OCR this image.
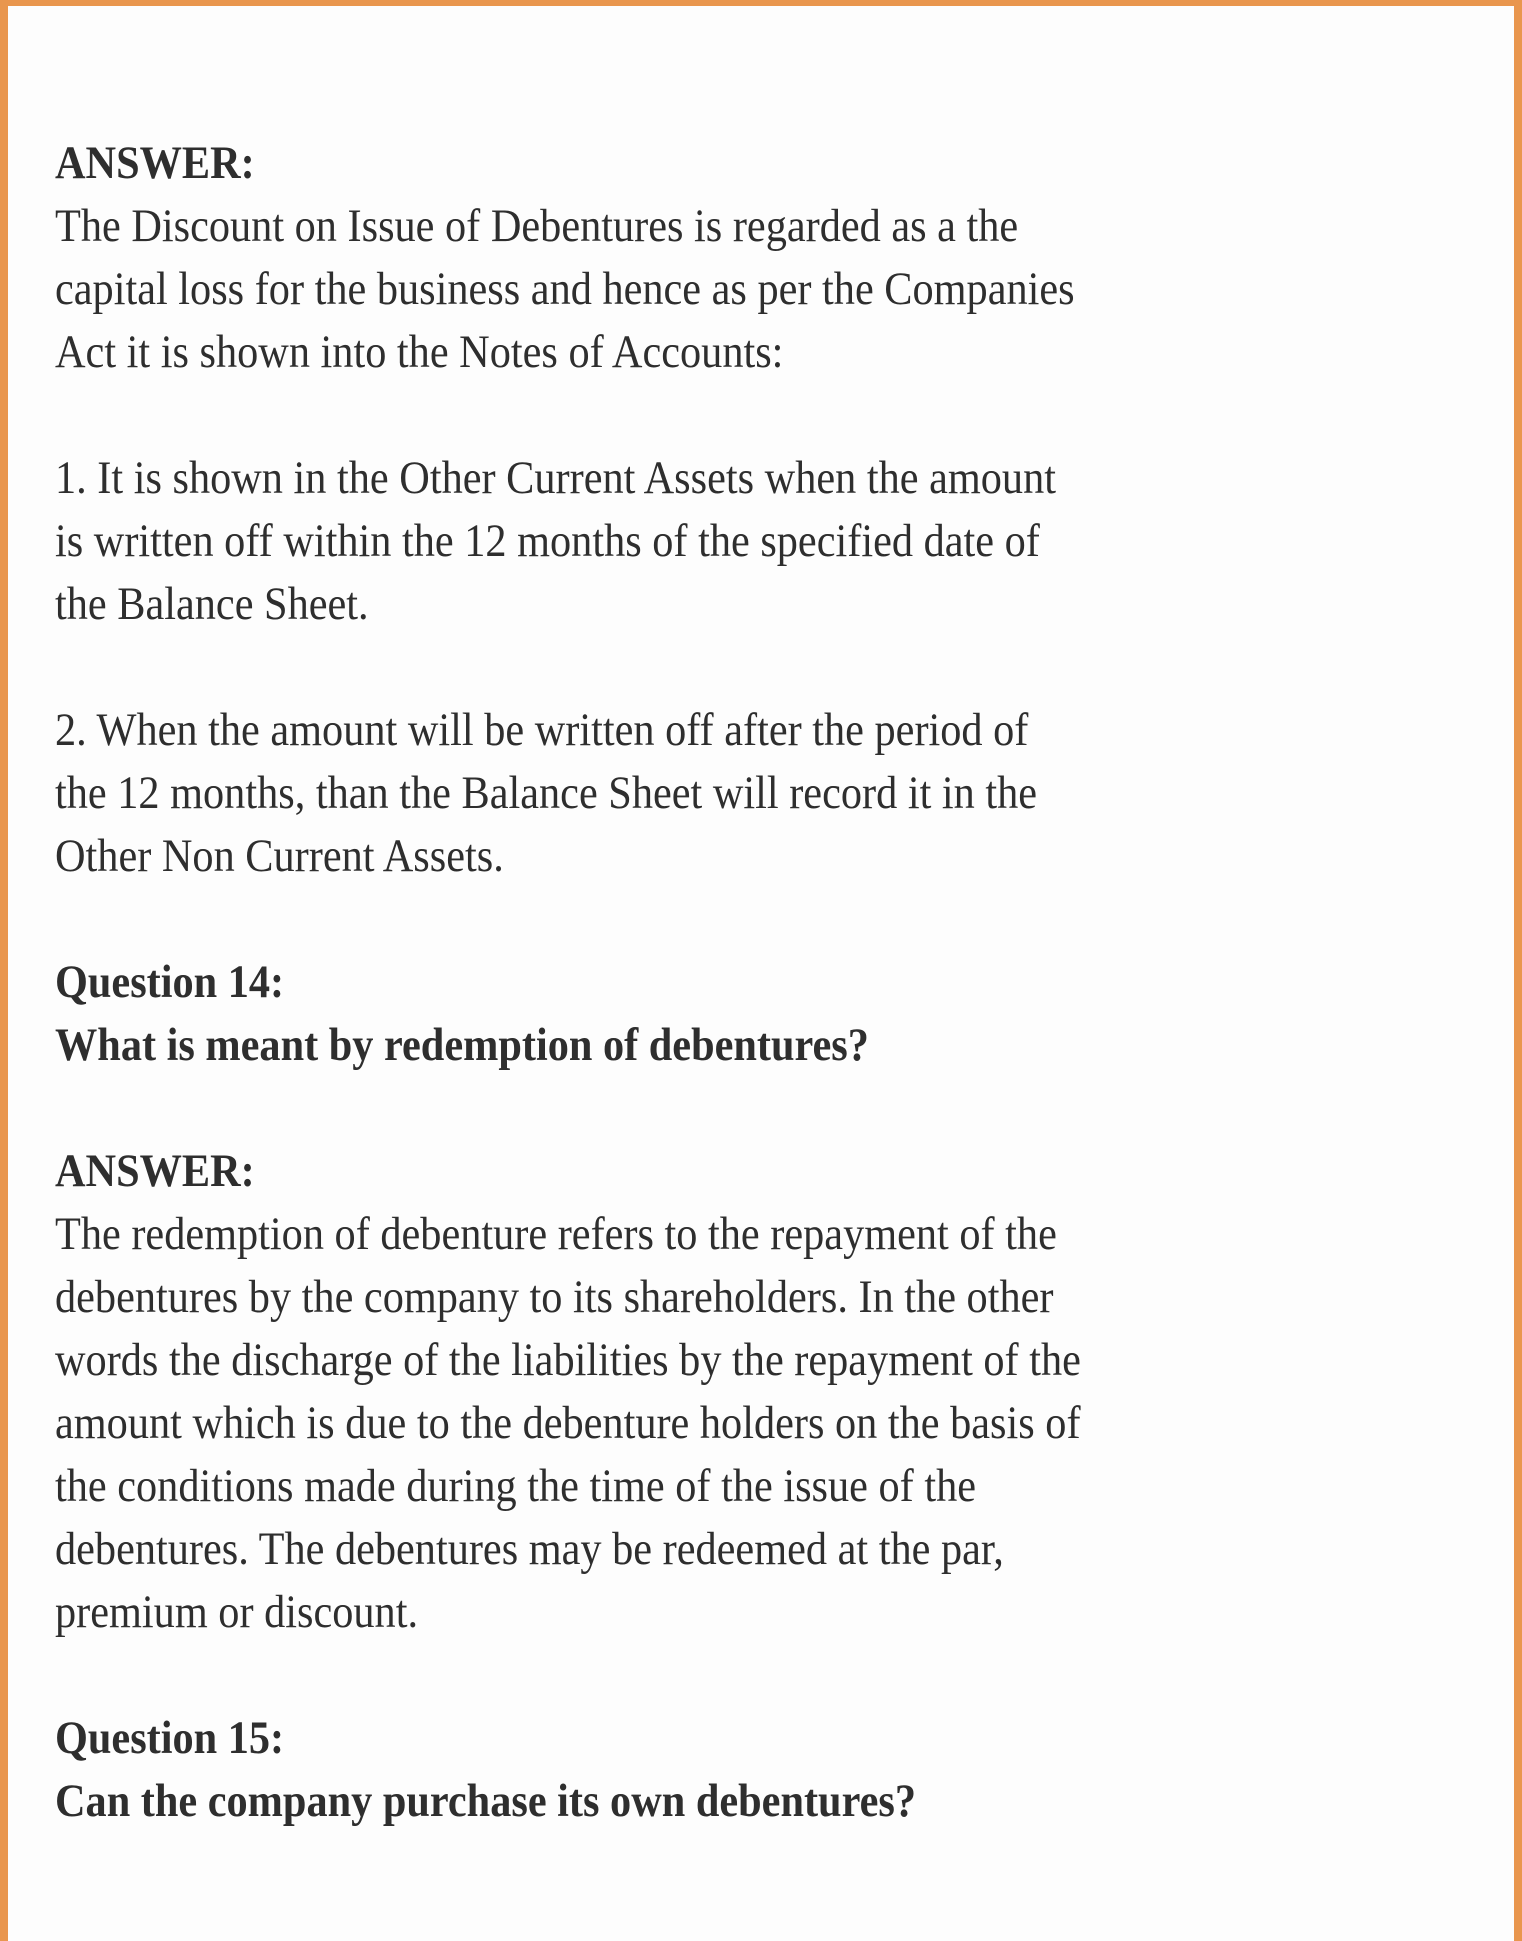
ANSWER:
The Discount on Issue of Debentures is regarded as a the
capital loss for the business and hence as per the Companies
Act it is shown into the Notes of Accounts:
1. It is shown in the Other Current Assets when the amount
is written off within the 12 months of the specified date of
the Balance Sheet.
2. When the amount will be written off after the period of
the 12 months, than the Balance Sheet will record it in the
Other Non Current Assets.
Question 14:
What is meant by redemption of debentures?
ANSWER:
The redemption of debenture refers to the repayment of the
debentures by the company to its shareholders. In the other
words the discharge of the liabilities by the repayment of the
amount which is due to the debenture holders on the basis of
the conditions made during the time of the issue of the
debentures. The debentures may be redeemed at the par,
premium or discount.
Question 15:
Can the company purchase its own debentures?
